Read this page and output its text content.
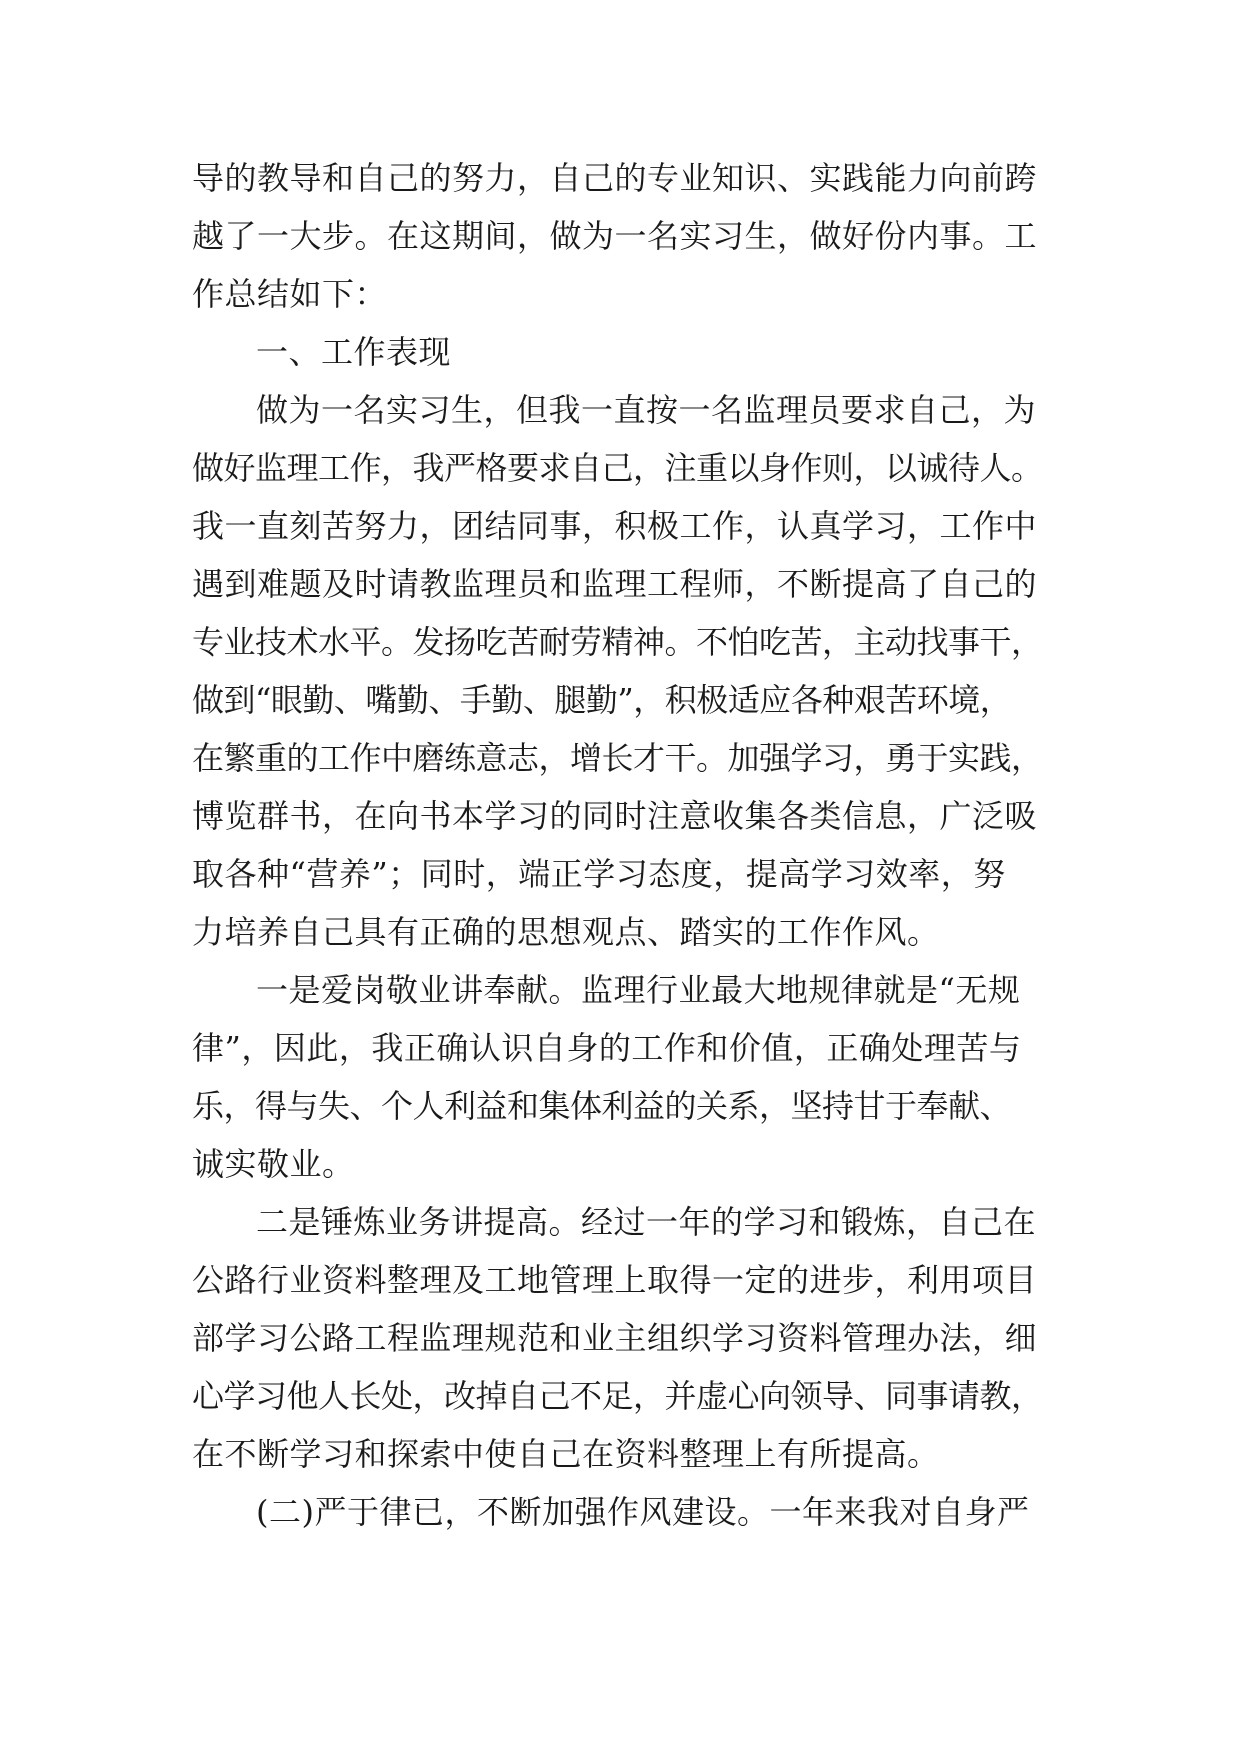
导的教导和自己的努力，自己的专业知识、实践能力向前跨
越了一大步。在这期间，做为一名实习生，做好份内事。工
作总结如下：
一、工作表现
做为一名实习生，但我一直按一名监理员要求自己，为
做好监理工作，我严格要求自己，注重以身作则，以诚待人。
我一直刻苦努力，团结同事，积极工作，认真学习，工作中
遇到难题及时请教监理员和监理工程师，不断提高了自己的
专业技术水平。发扬吃苦耐劳精神。不怕吃苦，主动找事干，
做到“眼勤、嘴勤、手勤、腿勤”，积极适应各种艰苦环境，
在繁重的工作中磨练意志，增长才干。加强学习，勇于实践，
博览群书，在向书本学习的同时注意收集各类信息，广泛吸
取各种“营养”；同时，端正学习态度，提高学习效率，努
力培养自己具有正确的思想观点、踏实的工作作风。
一是爱岗敬业讲奉献。监理行业最大地规律就是“无规
律”，因此，我正确认识自身的工作和价值，正确处理苦与
乐，得与失、个人利益和集体利益的关系，坚持甘于奉献、
诚实敬业。
二是锤炼业务讲提高。经过一年的学习和锻炼，自己在
公路行业资料整理及工地管理上取得一定的进步，利用项目
部学习公路工程监理规范和业主组织学习资料管理办法，细
心学习他人长处，改掉自己不足，并虚心向领导、同事请教，
在不断学习和探索中使自己在资料整理上有所提高。
(二)严于律已，不断加强作风建设。一年来我对自身严
